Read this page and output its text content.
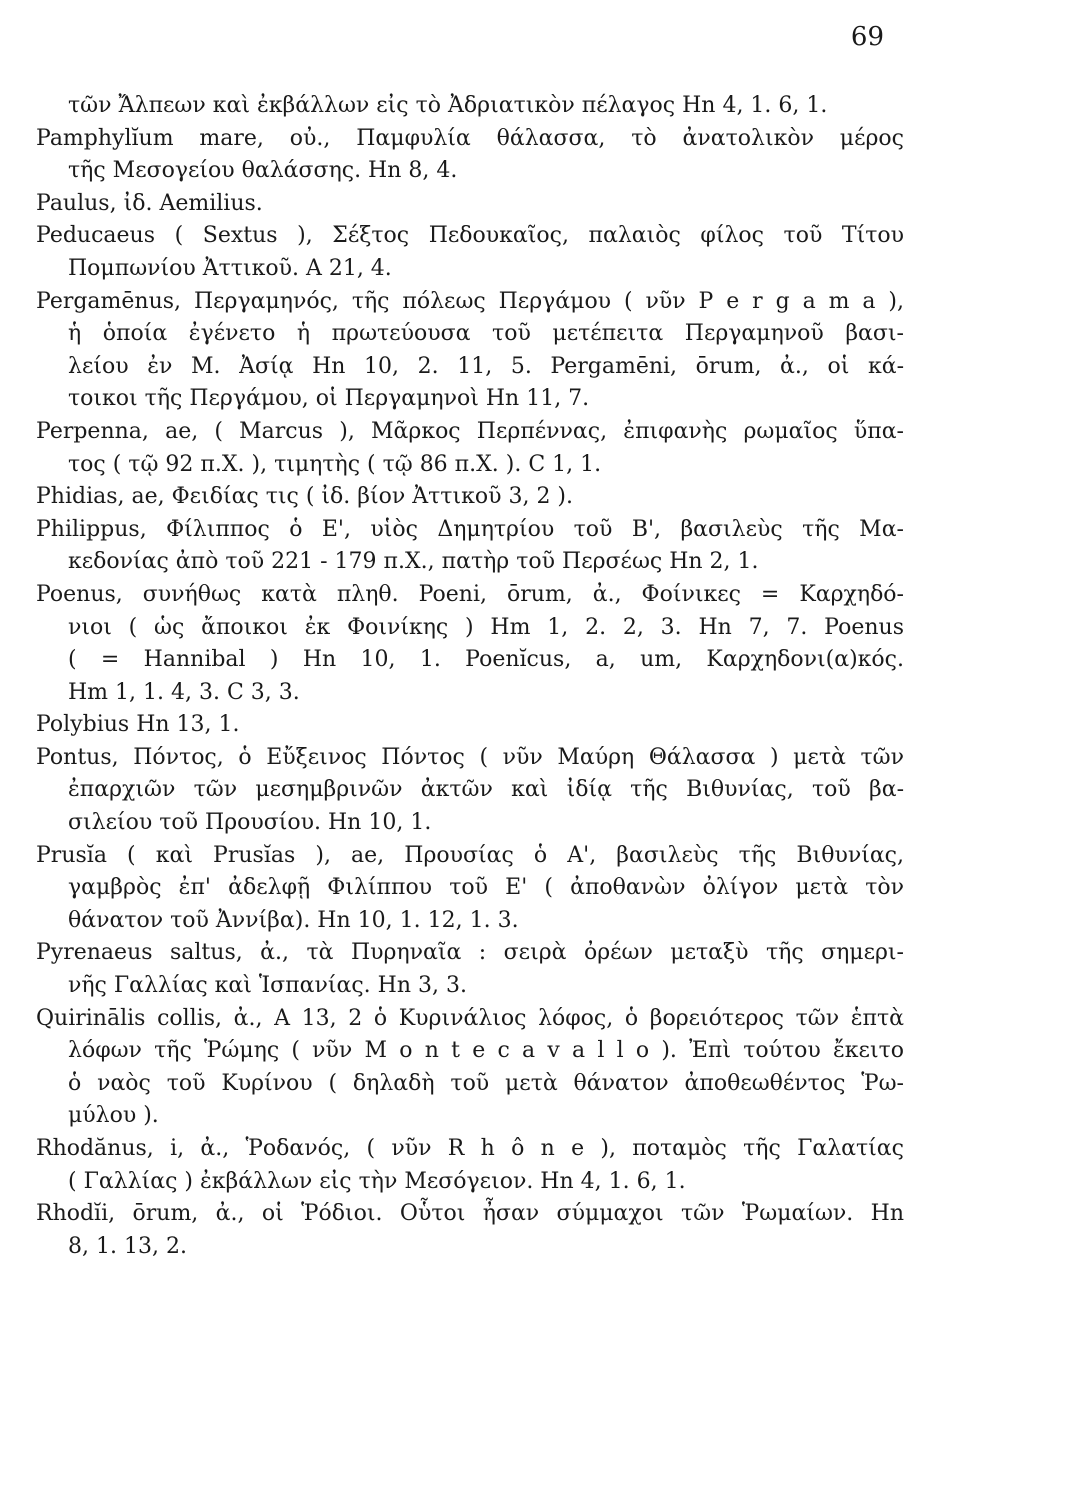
69
τῶν Ἄλπεων καὶ ἐκβάλλων εἰς τὸ Ἀδριατικὸν πέλαγος Ηn 4, 1. 6, 1.
Pamphylĭum mare, οὐ., Παμφυλία θάλασσα, τὸ ἀνατολικὸν μέρος
τῆς Μεσογείου θαλάσσης. Ηn 8, 4.
Paulus, ἰδ. Aemilius.
Peducaeus ( Sextus ), Σέξτος Πεδουκαῖος, παλαιὸς φίλος τοῦ Τίτου
Πομπωνίου Ἀττικοῦ. Α 21, 4.
Pergamēnus, Περγαμηνός, τῆς πόλεως Περγάμου ( νῦν P e r g a m a ),
ἡ ὁποία ἐγένετο ἡ πρωτεύουσα τοῦ μετέπειτα Περγαμηνοῦ βασι-
λείου ἐν Μ. Ἀσίᾳ Ηn 10, 2. 11, 5. Pergamēni, ōrum, ἀ., οἱ κά-
τοικοι τῆς Περγάμου, οἱ Περγαμηνοὶ Ηn 11, 7.
Perpenna, ae, ( Marcus ), Μᾶρκος Περπέννας, ἐπιφανὴς ρωμαῖος ὕπα-
τος ( τῷ 92 π.Χ. ), τιμητὴς ( τῷ 86 π.Χ. ). C 1, 1.
Phidias, ae, Φειδίας τις ( ἰδ. βίον Ἀττικοῦ 3, 2 ).
Philippus, Φίλιππος ὁ Ε', υἱὸς Δημητρίου τοῦ Β', βασιλεὺς τῆς Μα-
κεδονίας ἀπὸ τοῦ 221 - 179 π.Χ., πατὴρ τοῦ Περσέως Ηn 2, 1.
Poenus, συνήθως κατὰ πληθ. Poeni, ōrum, ἀ., Φοίνικες = Καρχηδό-
νιοι ( ὡς ἄποικοι ἐκ Φοινίκης ) Ηm 1, 2. 2, 3. Ηn 7, 7. Poenus
( = Hannibal ) Ηn 10, 1. Poenĭcus, a, um, Καρχηδονι(α)κός.
Ηm 1, 1. 4, 3. C 3, 3.
Polybius Ηn 13, 1.
Pontus, Πόντος, ὁ Εὔξεινος Πόντος ( νῦν Μαύρη Θάλασσα ) μετὰ τῶν
ἐπαρχιῶν τῶν μεσημβρινῶν ἀκτῶν καὶ ἰδίᾳ τῆς Βιθυνίας, τοῦ βα-
σιλείου τοῦ Προυσίου. Ηn 10, 1.
Prusĭa ( καὶ Prusĭas ), ae, Προυσίας ὁ Α', βασιλεὺς τῆς Βιθυνίας,
γαμβρὸς ἐπ' ἀδελφῇ Φιλίππου τοῦ Ε' ( ἀποθανὼν ὀλίγον μετὰ τὸν
θάνατον τοῦ Ἀννίβα). Ηn 10, 1. 12, 1. 3.
Pyrenaeus saltus, ἀ., τὰ Πυρηναῖα : σειρὰ ὀρέων μεταξὺ τῆς σημερι-
νῆς Γαλλίας καὶ Ἱσπανίας. Ηn 3, 3.
Quirinālis collis, ἀ., A 13, 2 ὁ Κυρινάλιος λόφος, ὁ βορειότερος τῶν ἑπτὰ
λόφων τῆς Ῥώμης ( νῦν M o n t e c a v a l l o ). Ἐπὶ τούτου ἔκειτο
ὁ ναὸς τοῦ Κυρίνου ( δηλαδὴ τοῦ μετὰ θάνατον ἀποθεωθέντος Ῥω-
μύλου ).
Rhodănus, i, ἀ., Ῥοδανός, ( νῦν R h ô n e ), ποταμὸς τῆς Γαλατίας
( Γαλλίας ) ἐκβάλλων εἰς τὴν Μεσόγειον. Ηn 4, 1. 6, 1.
Rhodĭi, ōrum, ἀ., οἱ Ῥόδιοι. Οὗτοι ἦσαν σύμμαχοι τῶν Ῥωμαίων. Ηn
8, 1. 13, 2.
